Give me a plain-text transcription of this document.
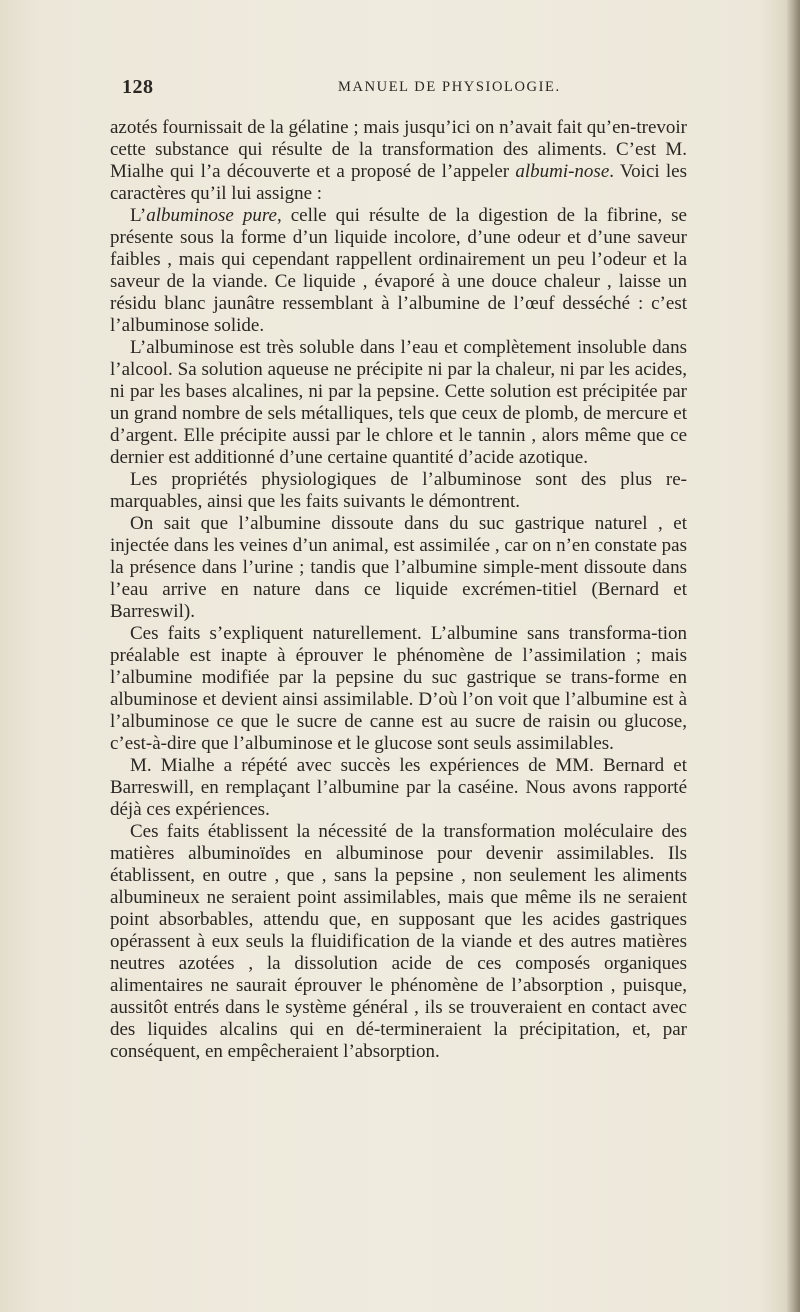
128	MANUEL DE PHYSIOLOGIE.

azotés fournissait de la gélatine ; mais jusqu’ici on n’avait fait qu’en-trevoir cette substance qui résulte de la transformation des aliments. C’est M. Mialhe qui l’a découverte et a proposé de l’appeler albumi-nose. Voici les caractères qu’il lui assigne :

L’albuminose pure, celle qui résulte de la digestion de la fibrine, se présente sous la forme d’un liquide incolore, d’une odeur et d’une saveur faibles , mais qui cependant rappellent ordinairement un peu l’odeur et la saveur de la viande. Ce liquide , évaporé à une douce chaleur , laisse un résidu blanc jaunâtre ressemblant à l’albumine de l’œuf desséché : c’est l’albuminose solide.

L’albuminose est très soluble dans l’eau et complètement insoluble dans l’alcool. Sa solution aqueuse ne précipite ni par la chaleur, ni par les acides, ni par les bases alcalines, ni par la pepsine. Cette solution est précipitée par un grand nombre de sels métalliques, tels que ceux de plomb, de mercure et d’argent. Elle précipite aussi par le chlore et le tannin , alors même que ce dernier est additionné d’une certaine quantité d’acide azotique.

Les propriétés physiologiques de l’albuminose sont des plus re-marquables, ainsi que les faits suivants le démontrent.

On sait que l’albumine dissoute dans du suc gastrique naturel , et injectée dans les veines d’un animal, est assimilée , car on n’en constate pas la présence dans l’urine ; tandis que l’albumine simple-ment dissoute dans l’eau arrive en nature dans ce liquide excrémen-titiel (Bernard et Barreswil).

Ces faits s’expliquent naturellement. L’albumine sans transforma-tion préalable est inapte à éprouver le phénomène de l’assimilation ; mais l’albumine modifiée par la pepsine du suc gastrique se trans-forme en albuminose et devient ainsi assimilable. D’où l’on voit que l’albumine est à l’albuminose ce que le sucre de canne est au sucre de raisin ou glucose, c’est-à-dire que l’albuminose et le glucose sont seuls assimilables.

M. Mialhe a répété avec succès les expériences de MM. Bernard et Barreswill, en remplaçant l’albumine par la caséine. Nous avons rapporté déjà ces expériences.

Ces faits établissent la nécessité de la transformation moléculaire des matières albuminoïdes en albuminose pour devenir assimilables. Ils établissent, en outre , que , sans la pepsine , non seulement les aliments albumineux ne seraient point assimilables, mais que même ils ne seraient point absorbables, attendu que, en supposant que les acides gastriques opérassent à eux seuls la fluidification de la viande et des autres matières neutres azotées , la dissolution acide de ces composés organiques alimentaires ne saurait éprouver le phénomène de l’absorption , puisque, aussitôt entrés dans le système général , ils se trouveraient en contact avec des liquides alcalins qui en dé-termineraient la précipitation, et, par conséquent, en empêcheraient l’absorption.
